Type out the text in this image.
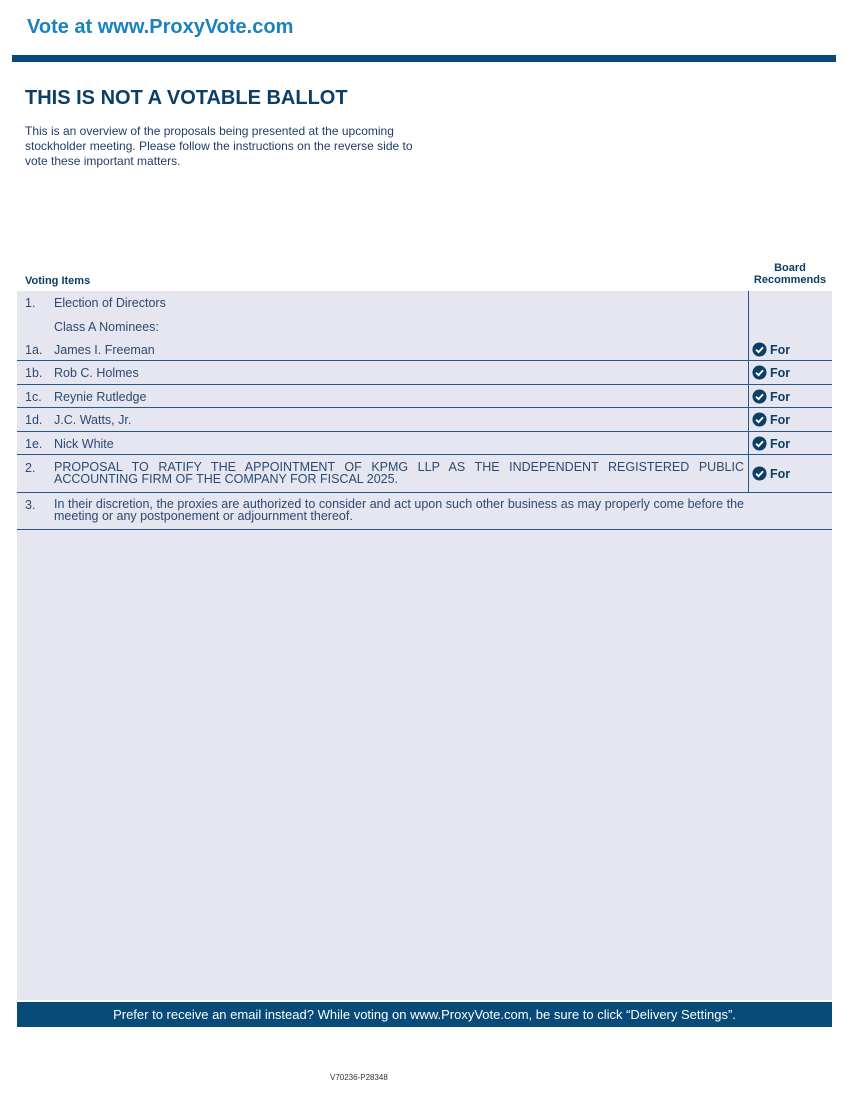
Vote at www.ProxyVote.com
THIS IS NOT A VOTABLE BALLOT
This is an overview of the proposals being presented at the upcoming stockholder meeting. Please follow the instructions on the reverse side to vote these important matters.
Board
Recommends
Voting Items
1. Election of Directors
Class A Nominees:
1a. James I. Freeman	For
1b. Rob C. Holmes	For
1c. Reynie Rutledge	For
1d. J.C. Watts, Jr.	For
1e. Nick White	For
2. PROPOSAL TO RATIFY THE APPOINTMENT OF KPMG LLP AS THE INDEPENDENT REGISTERED PUBLIC ACCOUNTING FIRM OF THE COMPANY FOR FISCAL 2025.	For
3. In their discretion, the proxies are authorized to consider and act upon such other business as may properly come before the meeting or any postponement or adjournment thereof.
Prefer to receive an email instead? While voting on www.ProxyVote.com, be sure to click “Delivery Settings”.
V70236-P28348
